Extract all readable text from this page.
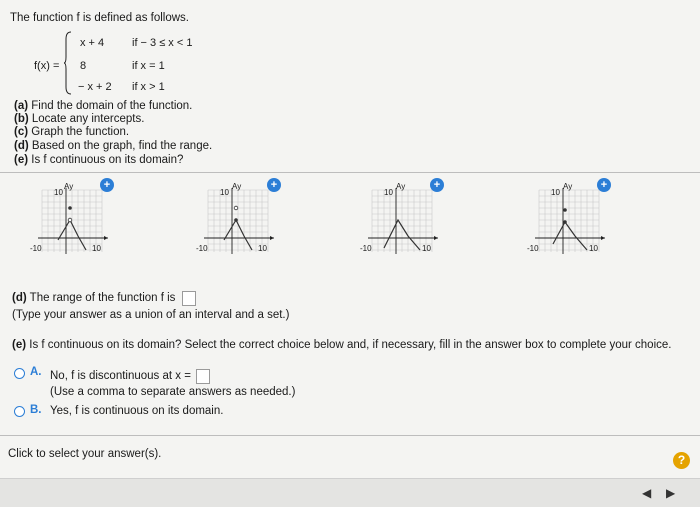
The function f is defined as follows.
f(x) =
x + 4	if − 3 ≤ x < 1
8	if x = 1
− x + 2 if x > 1
(a) Find the domain of the function.
(b) Locate any intercepts.
(c) Graph the function.
(d) Based on the graph, find the range.
(e) Is f continuous on its domain?
Ay
10
-10	10
+	Ay
10
-10	10
+	Ay
10
-10	10
+	Ay
10
-10	10
+
(d) The range of the function f is
(Type your answer as a union of an interval and a set.)
(e) Is f continuous on its domain? Select the correct choice below and, if necessary, fill in the answer box to complete your choice.
A. No, f is discontinuous at x =
(Use a comma to separate answers as needed.)
B. Yes, f is continuous on its domain.
Click to select your answer(s).	?
◀ ▶
